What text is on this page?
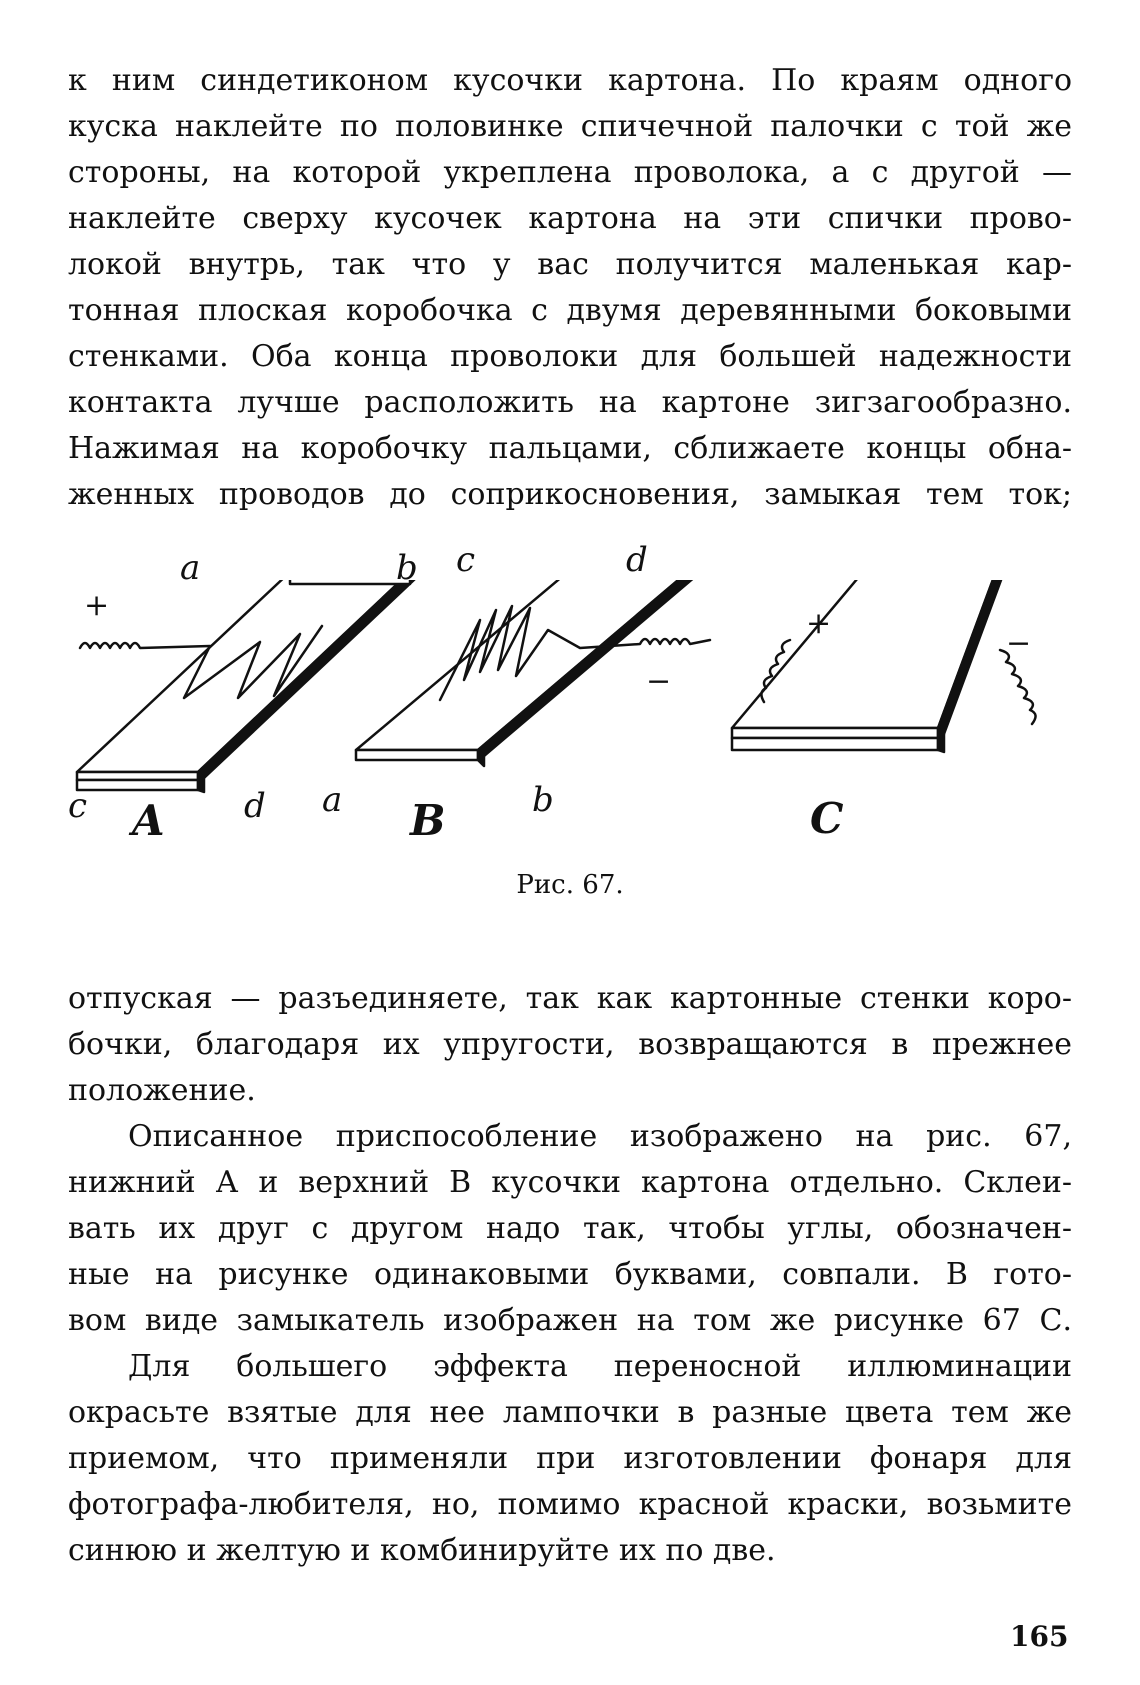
к ним синдетиконом кусочки картона. По краям одного
куска наклейте по половинке спичечной палочки с той же
стороны, на которой укреплена проволока, а с другой —
наклейте сверху кусочек картона на эти спички прово-
локой внутрь, так что у вас получится маленькая кар-
тонная плоская коробочка с двумя деревянными боковыми
стенками. Оба конца проволоки для большей надежности
контакта лучше расположить на картоне зигзагообразно.
Нажимая на коробочку пальцами, сближаете концы обна-
женных проводов до соприкосновения, замыкая тем ток;
a	b
c	d
+
A
c	d
a	b
−
B
+
−
C
Рис. 67.
отпуская — разъединяете, так как картонные стенки коро-
бочки, благодаря их упругости, возвращаются в прежнее
положение.
Описанное приспособление изображено на рис. 67,
нижний А и верхний В кусочки картона отдельно. Склеи-
вать их друг с другом надо так, чтобы углы, обозначен-
ные на рисунке одинаковыми буквами, совпали. В гото-
вом виде замыкатель изображен на том же рисунке 67 С.
Для большего эффекта переносной иллюминации
окрасьте взятые для нее лампочки в разные цвета тем же
приемом, что применяли при изготовлении фонаря для
фотографа-любителя, но, помимо красной краски, возьмите
синюю и желтую и комбинируйте их по две.
165
